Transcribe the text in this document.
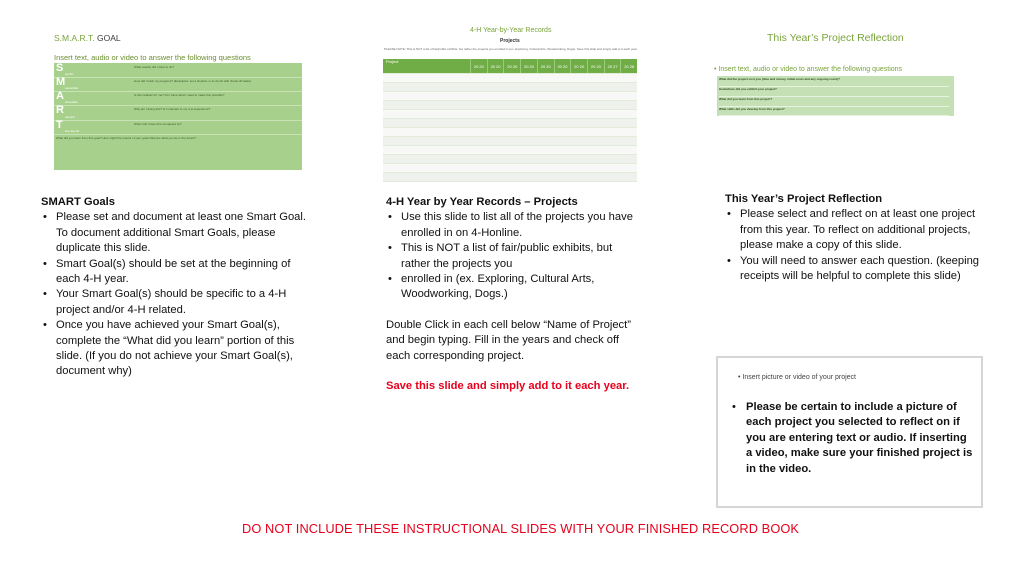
S.M.A.R.T. GOAL
Insert text, audio or video to answer the following questions
S pecific
What exactly did I want to do?
M easurable
How will I track my progress? (Examples: set a timeline or to-do list with check-off tasks)
A chievable
Is this realistic for me? Do I have what I need to make this possible?
R
elevant
Why am I doing this? Is it relevant to my 4-H experience?
T ime-bound
When will I have this completed by?
What did you learn from this goal? How might the results of your goal influence what you do in the future?
4-H Year-by-Year Records
Projects
PLEASE NOTE: This is NOT a list of fair/public exhibits, but rather the projects you enrolled in (ex. Exploring, Cultural Arts, Woodworking, Dogs). Save this slide and simply add to it each year.
Project	20 20	20 20	20 20	20 20	20 20	20 20	20 20	20 20	20 27	20 28

This Year’s Project Reflection
• Insert text, audio or video to answer the following questions
What did the project cost you (time and money, initial costs and any ongoing costs)?
How/where did you exhibit your project?
What did you learn from this project?
What skills did you develop from this project?
SMART Goals
• Please set and document at least one Smart Goal. To document additional Smart Goals, please duplicate this slide.
• Smart Goal(s) should be set at the beginning of each 4-H year.
• Your Smart Goal(s) should be specific to a 4-H project and/or 4-H related.
• Once you have achieved your Smart Goal(s), complete the “What did you learn” portion of this slide. (If you do not achieve your Smart Goal(s), document why)
4-H Year by Year Records – Projects
• Use this slide to list all of the projects you have enrolled in on 4-Honline.
• This is NOT a list of fair/public exhibits, but rather the projects you
• enrolled in (ex. Exploring, Cultural Arts, Woodworking, Dogs.)

Double Click in each cell below “Name of Project” and begin typing. Fill in the years and check off each corresponding project.

Save this slide and simply add to it each year.

This Year’s Project Reflection
• Please select and reflect on at least one project from this year. To reflect on additional projects, please make a copy of this slide.
• You will need to answer each question. (keeping receipts will be helpful to complete this slide)
• Insert picture or video of your project
• Please be certain to include a picture of each project you selected to reflect on if you are entering text or audio. If inserting a video, make sure your finished project is in the video.
DO NOT INCLUDE THESE INSTRUCTIONAL SLIDES WITH YOUR FINISHED RECORD BOOK
